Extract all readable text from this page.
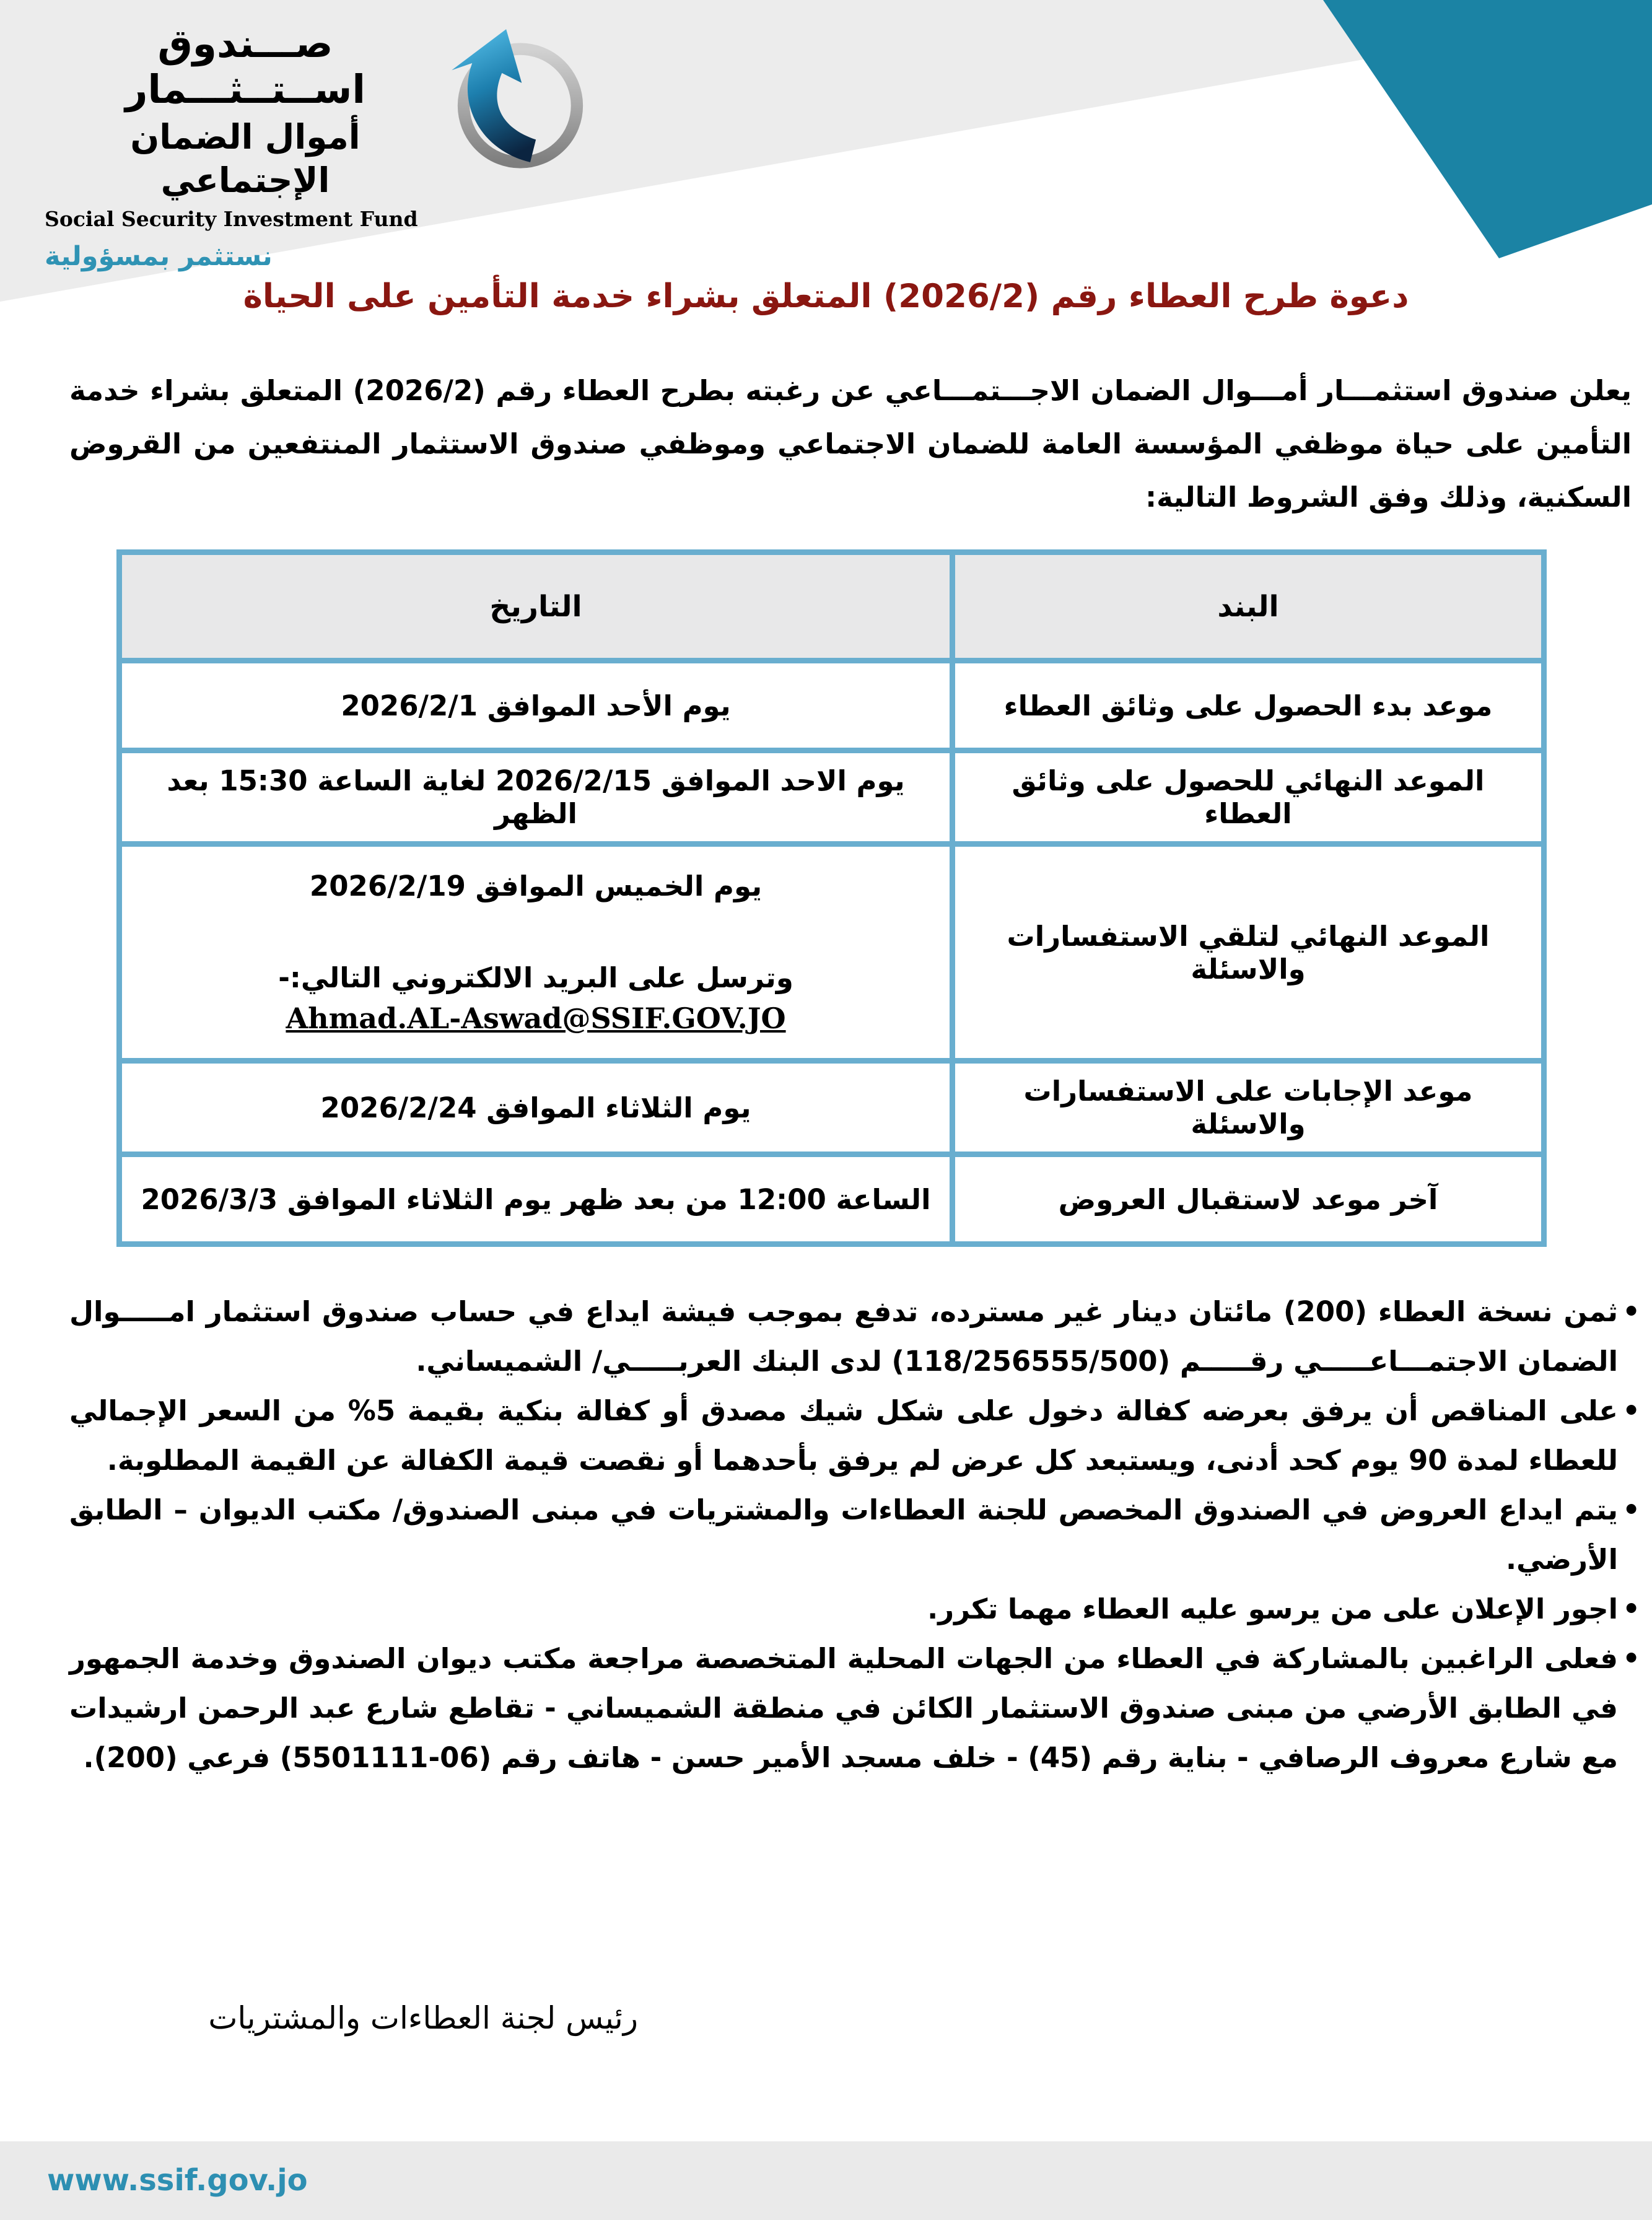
صـــندوق اســتــثـــمار
أموال الضمان الإجتماعي
Social Security Investment Fund
نستثمر بمسؤولية
دعوة طرح العطاء رقم (2026/2) المتعلق بشراء خدمة التأمين على الحياة

يعلن صندوق استثمـــار أمـــوال الضمان الاجـــتمـــاعي عن رغبته بطرح العطاء رقم (2026/2) المتعلق بشراء خدمة التأمين على حياة موظفي المؤسسة العامة للضمان الاجتماعي وموظفي صندوق الاستثمار المنتفعين من القروض السكنية، وذلك وفق الشروط التالية:

البند	التاريخ
موعد بدء الحصول على وثائق العطاء	يوم الأحد الموافق 2026/2/1
الموعد النهائي للحصول على وثائق العطاء	يوم الاحد الموافق 2026/2/15 لغاية الساعة 15:30 بعد الظهر
الموعد النهائي لتلقي الاستفسارات والاسئلة	يوم الخميس الموافق 2026/2/19
وترسل على البريد الالكتروني التالي:-
Ahmad.AL-Aswad@SSIF.GOV.JO
موعد الإجابات على الاستفسارات والاسئلة	يوم الثلاثاء الموافق 2026/2/24
آخر موعد لاستقبال العروض	الساعة 12:00 من بعد ظهر يوم الثلاثاء الموافق 2026/3/3
• ثمن نسخة العطاء (200) مائتان دينار غير مسترده، تدفع بموجب فيشة ايداع في حساب صندوق استثمار امـــــوال الضمان الاجتمـــاعـــــي رقـــــم (118/256555/500) لدى البنك العربـــــي/ الشميساني.
• على المناقص أن يرفق بعرضه كفالة دخول على شكل شيك مصدق أو كفالة بنكية بقيمة 5% من السعر الإجمالي للعطاء لمدة 90 يوم كحد أدنى، ويستبعد كل عرض لم يرفق بأحدهما أو نقصت قيمة الكفالة عن القيمة المطلوبة.
• يتم ايداع العروض في الصندوق المخصص للجنة العطاءات والمشتريات في مبنى الصندوق/ مكتب الديوان – الطابق الأرضي.
• اجور الإعلان على من يرسو عليه العطاء مهما تكرر.
• فعلى الراغبين بالمشاركة في العطاء من الجهات المحلية المتخصصة مراجعة مكتب ديوان الصندوق وخدمة الجمهور في الطابق الأرضي من مبنى صندوق الاستثمار الكائن في منطقة الشميساني - تقاطع شارع عبد الرحمن ارشيدات مع شارع معروف الرصافي - بناية رقم (45) - خلف مسجد الأمير حسن - هاتف رقم (06-5501111) فرعي (200).
رئيس لجنة العطاءات والمشتريات
www.ssif.gov.jo
